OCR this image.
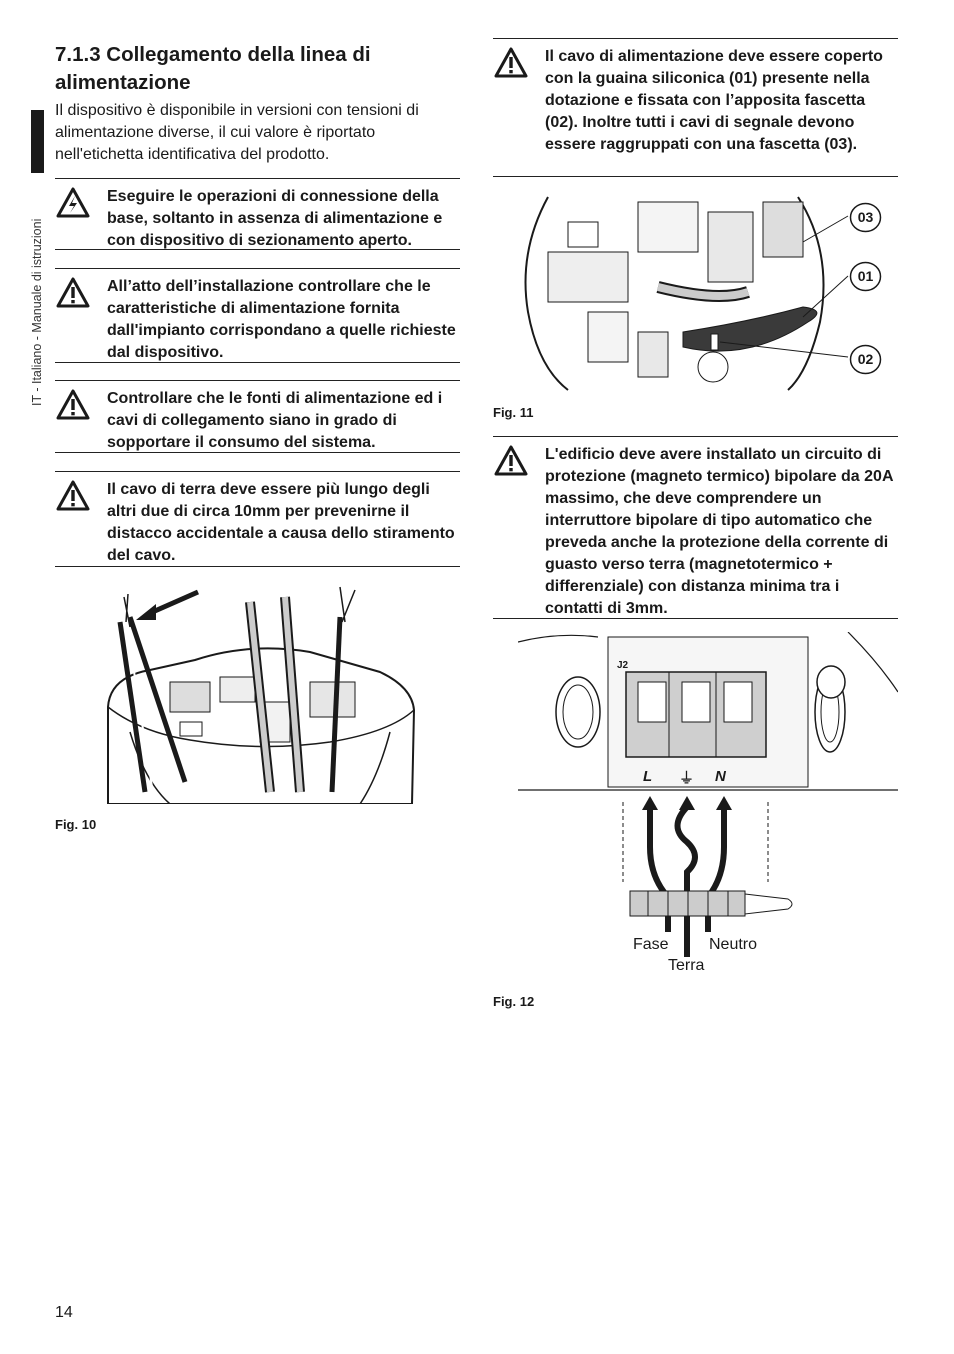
IT - Italiano - Manuale di istruzioni
7.1.3 Collegamento della linea di alimentazione
Il dispositivo è disponibile in versioni con tensioni di alimentazione diverse, il cui valore è riportato nell'etichetta identificativa del prodotto.
Eseguire le operazioni di connessione della base, soltanto in assenza di alimentazione e con dispositivo di sezionamento aperto.
All’atto dell’installazione controllare che le caratteristiche di alimentazione fornita dall'impianto corrispondano a quelle richieste dal dispositivo.
Controllare che le fonti di alimentazione ed i cavi di collegamento siano in grado di sopportare il consumo del sistema.
Il cavo di terra deve essere più lungo degli altri due di circa 10mm per prevenirne il distacco accidentale a causa dello stiramento del cavo.
Fig. 10
Il cavo di alimentazione deve essere coperto con la guaina siliconica (01) presente nella dotazione e fissata con l’apposita fascetta (02). Inoltre tutti i cavi di segnale devono essere raggruppati con una fascetta (03).
03
01
02
Fig. 11
L'edificio deve avere installato un circuito di protezione (magneto termico) bipolare da 20A massimo, che deve comprendere un interruttore bipolare di tipo automatico che preveda anche la protezione della corrente di guasto verso terra (magnetotermico + differenziale) con distanza minima tra i contatti di 3mm.
J2
L ⏚ N
Fase	Neutro
Terra
Fig. 12
14
